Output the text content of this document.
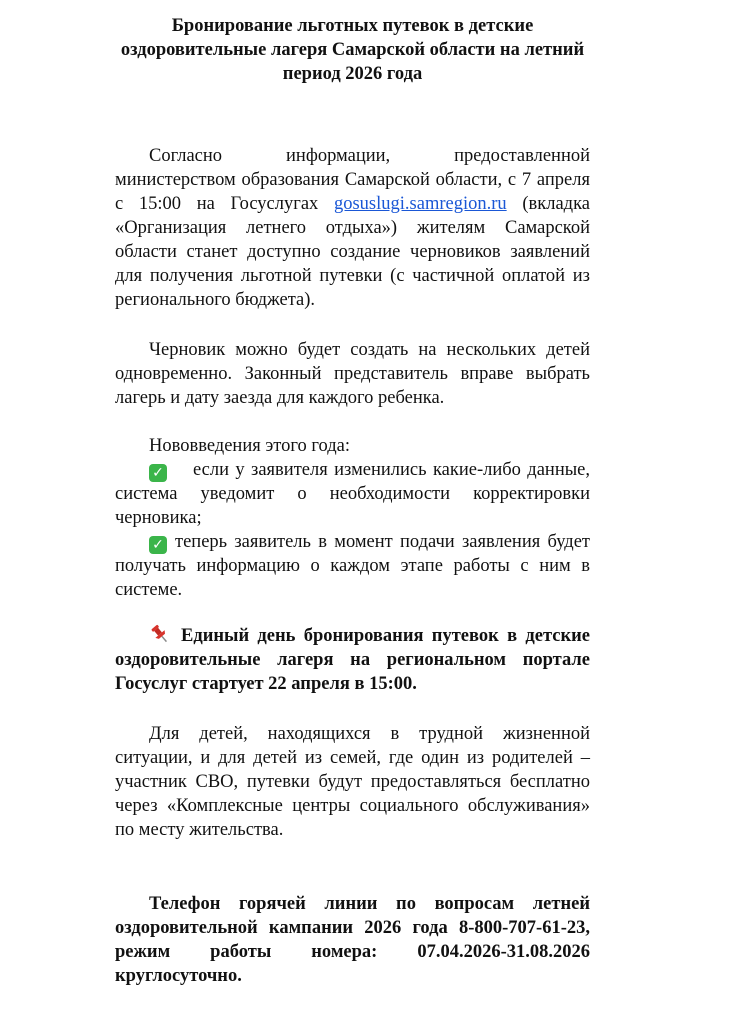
Бронирование льготных путевок в детские оздоровительные лагеря Самарской области на летний период 2026 года

Согласно информации, предоставленной министерством образования Самарской области, с 7 апреля с 15:00 на Госуслугах gosuslugi.samregion.ru (вкладка «Организация летнего отдыха») жителям Самарской области станет доступно создание черновиков заявлений для получения льготной путевки (с частичной оплатой из регионального бюджета).

Черновик можно будет создать на нескольких детей одновременно. Законный представитель вправе выбрать лагерь и дату заезда для каждого ребенка.

Нововведения этого года:

✓ если у заявителя изменились какие-либо данные, система уведомит о необходимости корректировки черновика;

✓ теперь заявитель в момент подачи заявления будет получать информацию о каждом этапе работы с ним в системе.

Единый день бронирования путевок в детские оздоровительные лагеря на региональном портале Госуслуг стартует 22 апреля в 15:00.

Для детей, находящихся в трудной жизненной ситуации, и для детей из семей, где один из родителей – участник СВО, путевки будут предоставляться бесплатно через «Комплексные центры социального обслуживания» по месту жительства.

Телефон горячей линии по вопросам летней оздоровительной кампании 2026 года 8-800-707-61-23, режим работы номера: 07.04.2026-31.08.2026 круглосуточно.
